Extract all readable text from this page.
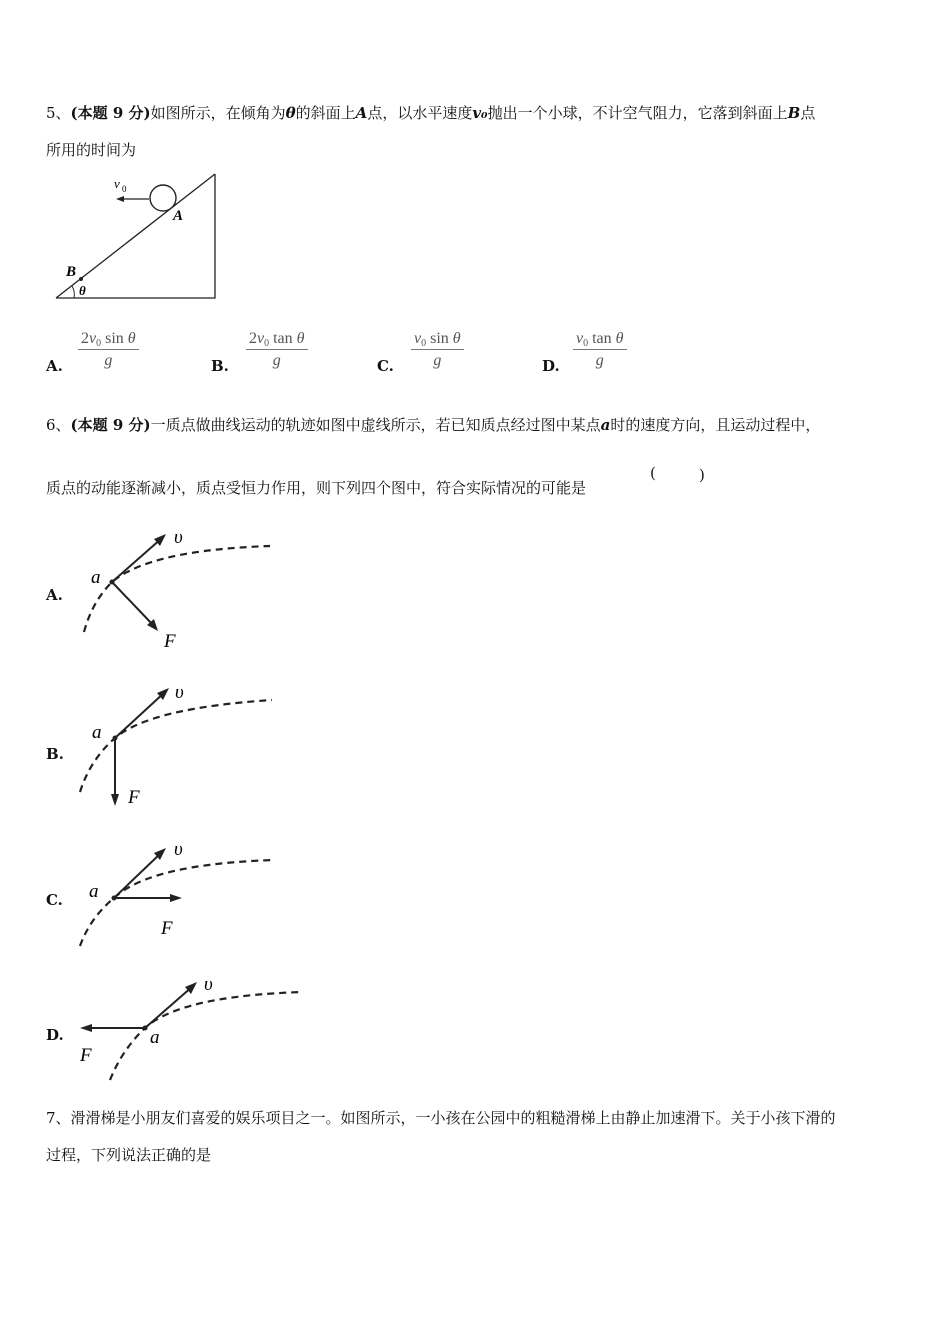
5、(本题 9 分)如图所示，在倾角为θ的斜面上A点，以水平速度v₀抛出一个小球，不计空气阻力，它落到斜面上B点
所用的时间为
v 0
A
B
θ
A. $\frac{2v_0 \sin \theta}{g}$	B. $\frac{2v_0 \tan \theta}{g}$	C. $\frac{v_0 \sin \theta}{g}$	D. $\frac{v_0 \tan \theta}{g}$
6、(本题 9 分)一质点做曲线运动的轨迹如图中虚线所示，若已知质点经过图中某点a时的速度方向，且运动过程中，
质点的动能逐渐减小，质点受恒力作用，则下列四个图中，符合实际情况的可能是
(	)
A.
a
υ
F
B.
a
υ
F
C. a
υ
F
D.	a
υ
F
7、滑滑梯是小朋友们喜爱的娱乐项目之一。如图所示，一小孩在公园中的粗糙滑梯上由静止加速滑下。关于小孩下滑的
过程，下列说法正确的是
